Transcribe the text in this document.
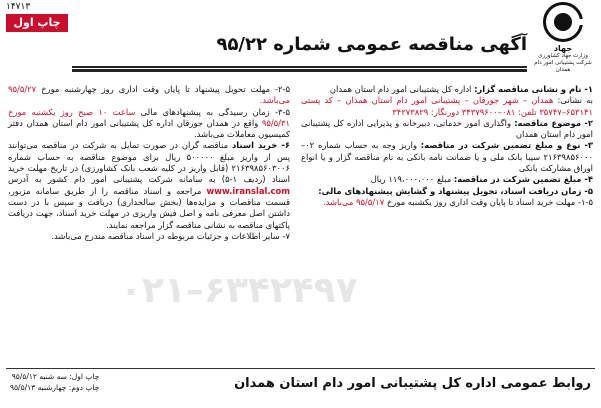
۰۲۱–۶۳۴۲۴۹۷
۱۴۷۱۳
چاپ اول
جهاد
وزارت جهاد کشاورزی
شرکت پشتیبانی امور دام همدان
آگهی مناقصه عمومی شماره ۹۵/۲۲

۱- نام و نشانی مناقصه گزار: اداره کل پشتیبانی امور دام استان همدان

به نشانی: همدان – شهر جورقان – پشتیبانی امور دام استان همدان – کد پستی ۶۵۳۱۴۱–۳۵۷۴۷ تلفن: ۰۸۱–۳۴۳۷۹۶۰۰ دورنگار: ۳۴۲۷۳۸۲۹

۲- موضوع مناقصه: واگذاری امور خدماتی، دبیرخانه و پذیرایی اداره کل پشتیبانی امور دام استان همدان

۳- نوع و مبلغ تضمین شرکت در مناقصه: واریز وجه به حساب شماره ۰۲–۲۱۶۳۹۸۵۶۰۰۰ سیبا بانک ملی و یا ضمانت نامه بانکی به نام مناقصه گزار و یا انواع اوراق مشارکت بانکی

۴- مبلغ تضمین شرکت در مناقصه: مبلغ ۱۱۹،۰۰۰،۰۰۰ ریال

۵- زمان دریافت اسناد، تحویل پیشنهاد و گشایش پیشنهادهای مالی:

۱-۵- مهلت خرید اسناد تا پایان وقت اداری روز یکشنبه مورخ ۹۵/۵/۱۷ می‌باشد.

۲-۵- مهلت تحویل پیشنهاد تا پایان وقت اداری روز چهارشنبه مورخ ۹۵/۵/۲۷ می‌باشد.

۳-۵- زمان رسیدگی به پیشنهادهای مالی ساعت ۱۰ صبح روز یکشنبه مورخ ۹۵/۵/۳۱ واقع در همدان جورقان اداره کل پشتیبانی امور دام استان همدان دفتر کمیسیون معاملات می‌باشد.

۶- خرید اسناد مناقصه گران در صورت تمایل به شرکت در مناقصه می‌توانند پس از واریز مبلغ ۵۰۰۰۰۰ ریال برای موضوع مناقصه به حساب شماره ۲۱۶۳۹۸۵۶۰۳۰۰۶ (قابل واریز در کلیه شعب بانک کشاورزی) در تاریخ مهلت خرید اسناد (ردیف ۱-۵) به سامانه شرکت پشتیبانی امور دام کشور به آدرس www.iranslal.com مراجعه و اسناد مناقصه را از طریق سامانه مزبور، قسمت مناقصات و مزایده‌ها (بخش سالجداری) دریافت و سپس با در دست داشتن اصل معرفی نامه و اصل فیش واریزی در مهلت خرید اسناد، جهت دریافت پاکتهای مناقصه به نشانی مناقصه گزار مراجعه نمایند.

۷- سایر اطلاعات و جزئیات مربوطه در اسناد مناقصه مندرج می‌باشد.

روابط عمومی اداره کل پشتیبانی امور دام استان همدان
چاپ اول: سه شنبه ۹۵/۵/۱۲
چاپ دوم: چهارشنبه ۹۵/۵/۱۳
